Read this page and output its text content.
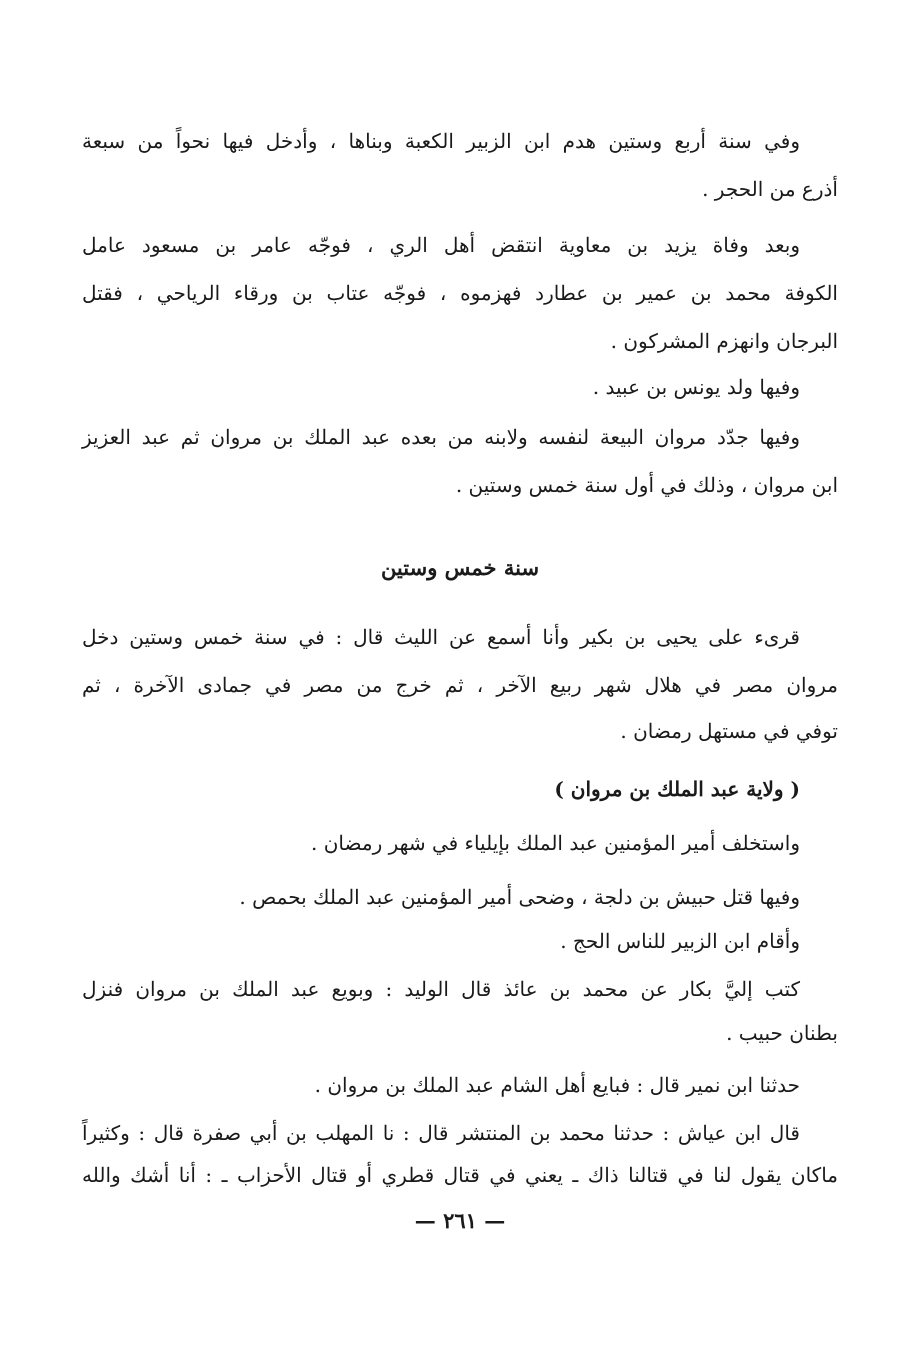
وفي سنة أربع وستين هدم ابن الزبير الكعبة وبناها ، وأدخل فيها نحواً من سبعة
أذرع من الحجر .
وبعد وفاة يزيد بن معاوية انتقض أهل الري ، فوجّه عامر بن مسعود عامل
الكوفة محمد بن عمير بن عطارد فهزموه ، فوجّه عتاب بن ورقاء الرياحي ، فقتل
البرجان وانهزم المشركون .
وفيها ولد يونس بن عبيد .
وفيها جدّد مروان البيعة لنفسه ولابنه من بعده عبد الملك بن مروان ثم عبد العزيز
ابن مروان ، وذلك في أول سنة خمس وستين .
سنة خمس وستين
قرىء على يحيى بن بكير وأنا أسمع عن الليث قال : في سنة خمس وستين دخل
مروان مصر في هلال شهر ربيع الآخر ، ثم خرج من مصر في جمادى الآخرة ، ثم
توفي في مستهل رمضان .
( ولاية عبد الملك بن مروان )
واستخلف أمير المؤمنين عبد الملك بإيلياء في شهر رمضان .
وفيها قتل حبيش بن دلجة ، وضحى أمير المؤمنين عبد الملك بحمص .
وأقام ابن الزبير للناس الحج .
كتب إليَّ بكار عن محمد بن عائذ قال الوليد : وبويع عبد الملك بن مروان فنزل
بطنان حبيب .
حدثنا ابن نمير قال : فبايع أهل الشام عبد الملك بن مروان .
قال ابن عياش : حدثنا محمد بن المنتشر قال : نا المهلب بن أبي صفرة قال : وكثيراً
ماكان يقول لنا في قتالنا ذاك ـ يعني في قتال قطري أو قتال الأحزاب ـ : أنا أشك والله
— ٢٦١ —
